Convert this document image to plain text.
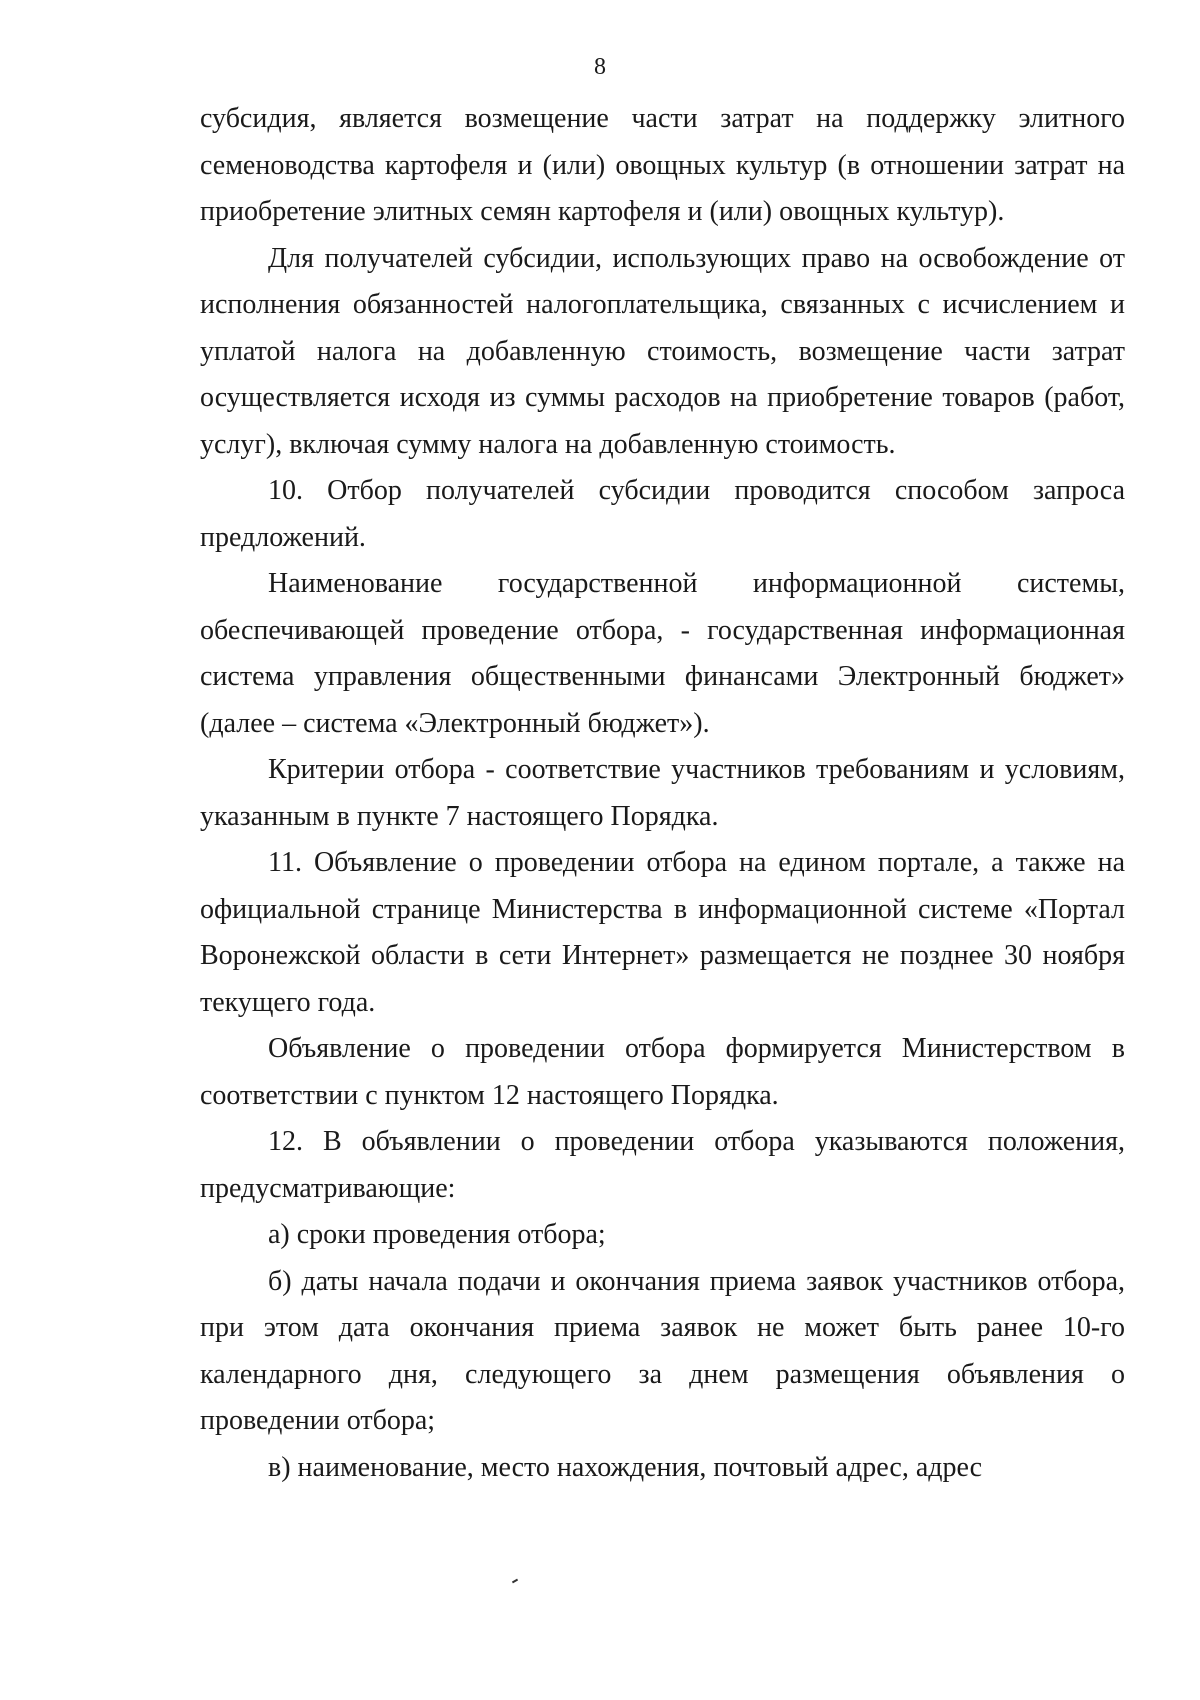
8

субсидия, является возмещение части затрат на поддержку элитного семеноводства картофеля и (или) овощных культур (в отношении затрат на приобретение элитных семян картофеля и (или) овощных культур).

Для получателей субсидии, использующих право на освобождение от исполнения обязанностей налогоплательщика, связанных с исчислением и уплатой налога на добавленную стоимость, возмещение части затрат осуществляется исходя из суммы расходов на приобретение товаров (работ, услуг), включая сумму налога на добавленную стоимость.

10. Отбор получателей субсидии проводится способом запроса предложений.

Наименование государственной информационной системы, обеспечивающей проведение отбора, - государственная информационная система управления общественными финансами Электронный бюджет» (далее – система «Электронный бюджет»).

Критерии отбора - соответствие участников требованиям и условиям, указанным в пункте 7 настоящего Порядка.

11. Объявление о проведении отбора на едином портале, а также на официальной странице Министерства в информационной системе «Портал Воронежской области в сети Интернет» размещается не позднее 30 ноября текущего года.

Объявление о проведении отбора формируется Министерством в соответствии с пунктом 12 настоящего Порядка.

12. В объявлении о проведении отбора указываются положения, предусматривающие:

а) сроки проведения отбора;

б) даты начала подачи и окончания приема заявок участников отбора, при этом дата окончания приема заявок не может быть ранее 10-го календарного дня, следующего за днем размещения объявления о проведении отбора;

в) наименование, место нахождения, почтовый адрес, адрес
